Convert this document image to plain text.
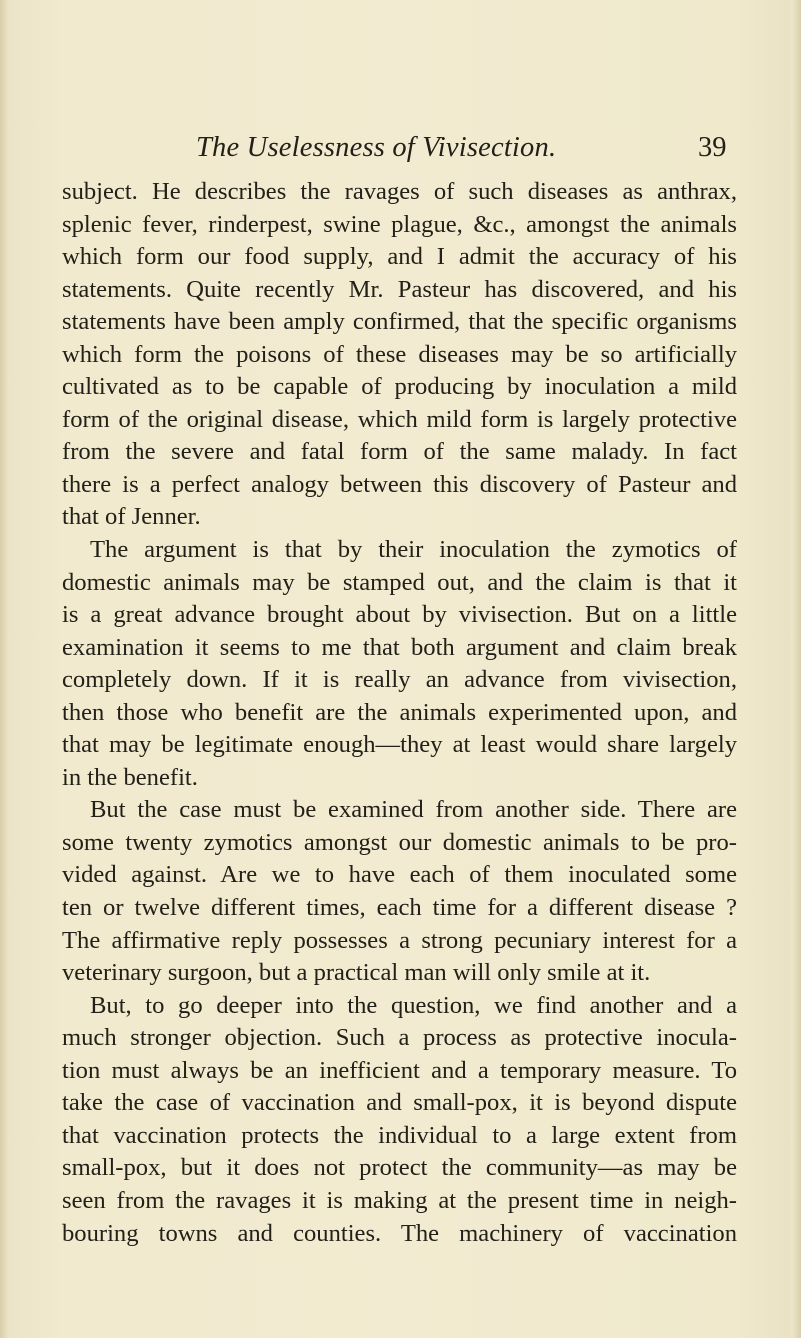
The Uselessness of Vivisection.	39
subject. He describes the ravages of such diseases as anthrax,
splenic fever, rinderpest, swine plague, &c., amongst the animals
which form our food supply, and I admit the accuracy of his
statements. Quite recently Mr. Pasteur has discovered, and his
statements have been amply confirmed, that the specific organisms
which form the poisons of these diseases may be so artificially
cultivated as to be capable of producing by inoculation a mild
form of the original disease, which mild form is largely protective
from the severe and fatal form of the same malady. In fact
there is a perfect analogy between this discovery of Pasteur and
that of Jenner.
The argument is that by their inoculation the zymotics of
domestic animals may be stamped out, and the claim is that it
is a great advance brought about by vivisection. But on a little
examination it seems to me that both argument and claim break
completely down. If it is really an advance from vivisection,
then those who benefit are the animals experimented upon, and
that may be legitimate enough—they at least would share largely
in the benefit.
But the case must be examined from another side. There are
some twenty zymotics amongst our domestic animals to be pro-
vided against. Are we to have each of them inoculated some
ten or twelve different times, each time for a different disease ?
The affirmative reply possesses a strong pecuniary interest for a
veterinary surgoon, but a practical man will only smile at it.
But, to go deeper into the question, we find another and a
much stronger objection. Such a process as protective inocula-
tion must always be an inefficient and a temporary measure. To
take the case of vaccination and small-pox, it is beyond dispute
that vaccination protects the individual to a large extent from
small-pox, but it does not protect the community—as may be
seen from the ravages it is making at the present time in neigh-
bouring towns and counties. The machinery of vaccination
